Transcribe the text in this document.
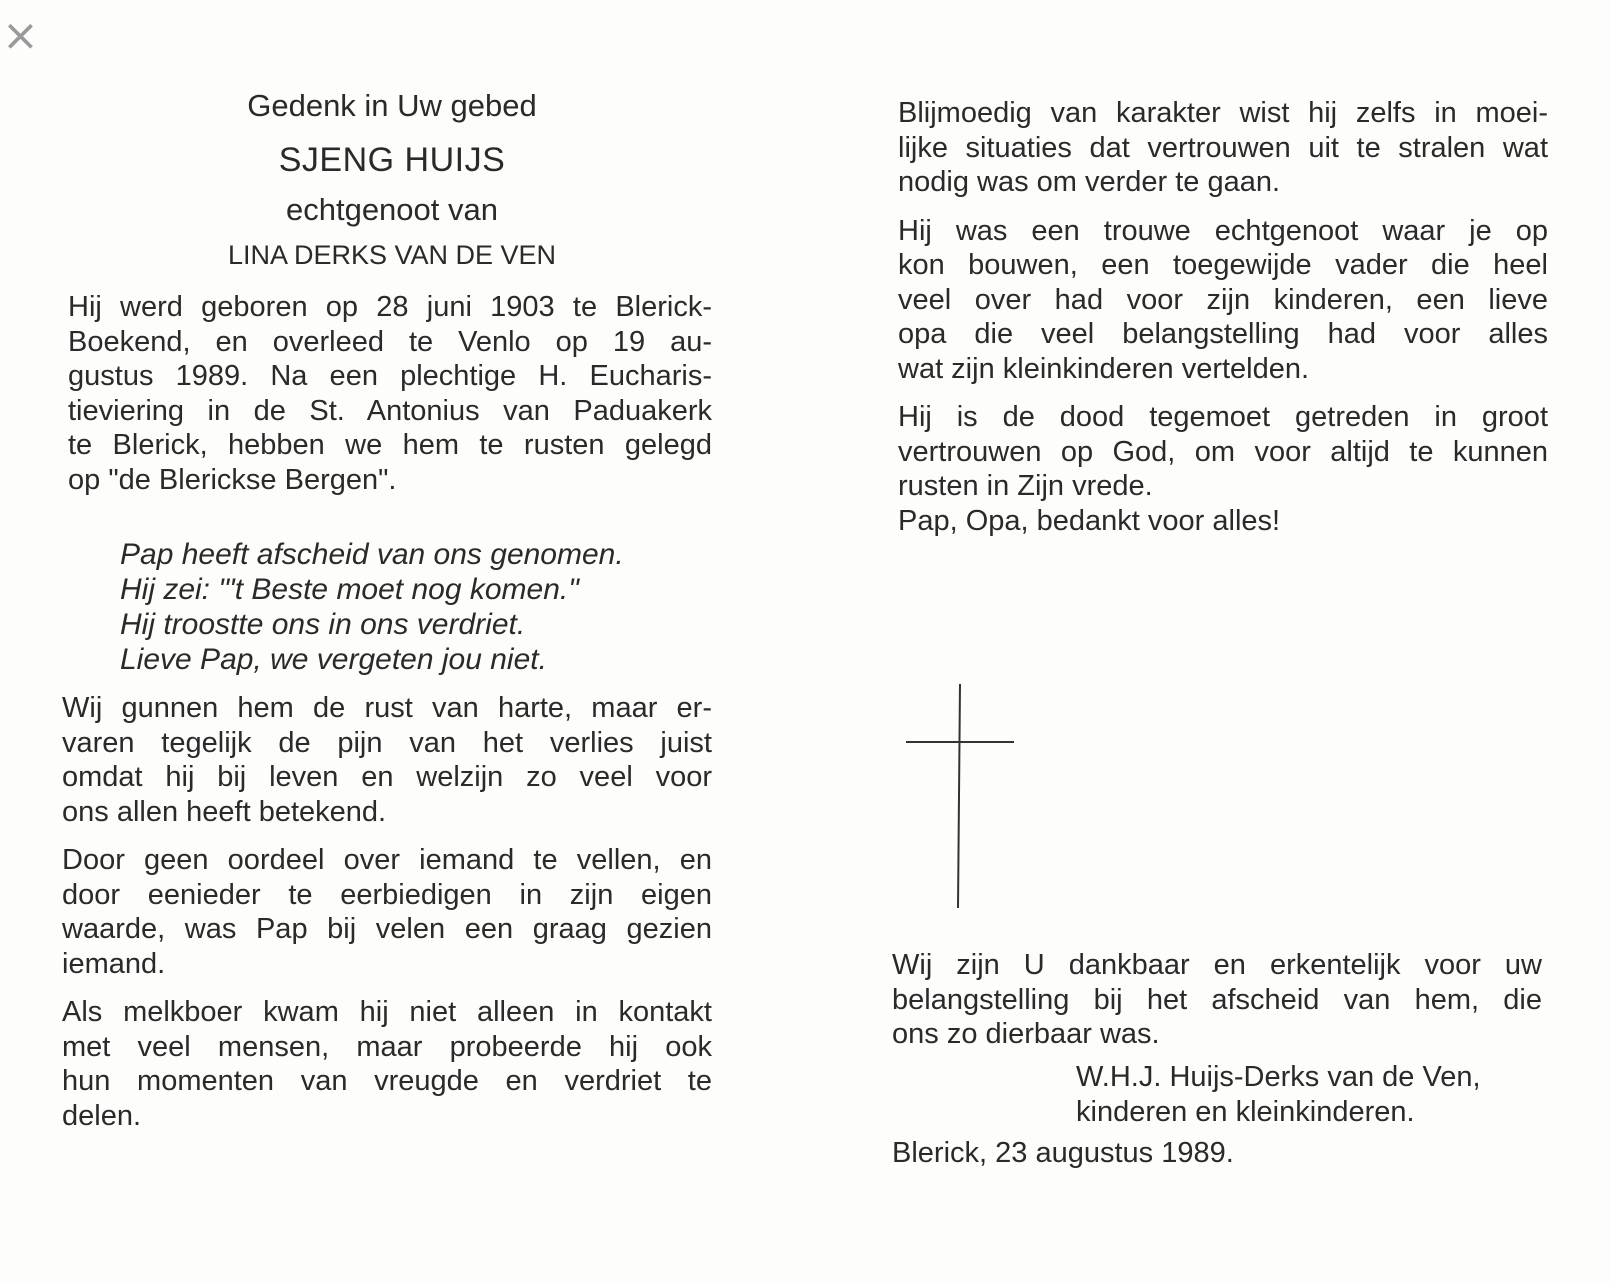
×
Gedenk in Uw gebed
SJENG HUIJS
echtgenoot van
LINA DERKS VAN DE VEN
Hij werd geboren op 28 juni 1903 te Blerick-
Boekend, en overleed te Venlo op 19 au-
gustus 1989. Na een plechtige H. Eucharis-
tieviering in de St. Antonius van Paduakerk
te Blerick, hebben we hem te rusten gelegd
op "de Blerickse Bergen".
Pap heeft afscheid van ons genomen.
Hij zei: "'t Beste moet nog komen."
Hij troostte ons in ons verdriet.
Lieve Pap, we vergeten jou niet.
Wij gunnen hem de rust van harte, maar er-
varen tegelijk de pijn van het verlies juist
omdat hij bij leven en welzijn zo veel voor
ons allen heeft betekend.
Door geen oordeel over iemand te vellen, en
door eenieder te eerbiedigen in zijn eigen
waarde, was Pap bij velen een graag gezien
iemand.
Als melkboer kwam hij niet alleen in kontakt
met veel mensen, maar probeerde hij ook
hun momenten van vreugde en verdriet te
delen.
Blijmoedig van karakter wist hij zelfs in moei-
lijke situaties dat vertrouwen uit te stralen wat
nodig was om verder te gaan.
Hij was een trouwe echtgenoot waar je op
kon bouwen, een toegewijde vader die heel
veel over had voor zijn kinderen, een lieve
opa die veel belangstelling had voor alles
wat zijn kleinkinderen vertelden.
Hij is de dood tegemoet getreden in groot
vertrouwen op God, om voor altijd te kunnen
rusten in Zijn vrede.
Pap, Opa, bedankt voor alles!
Wij zijn U dankbaar en erkentelijk voor uw
belangstelling bij het afscheid van hem, die
ons zo dierbaar was.
W.H.J. Huijs-Derks van de Ven,
kinderen en kleinkinderen.
Blerick, 23 augustus 1989.
